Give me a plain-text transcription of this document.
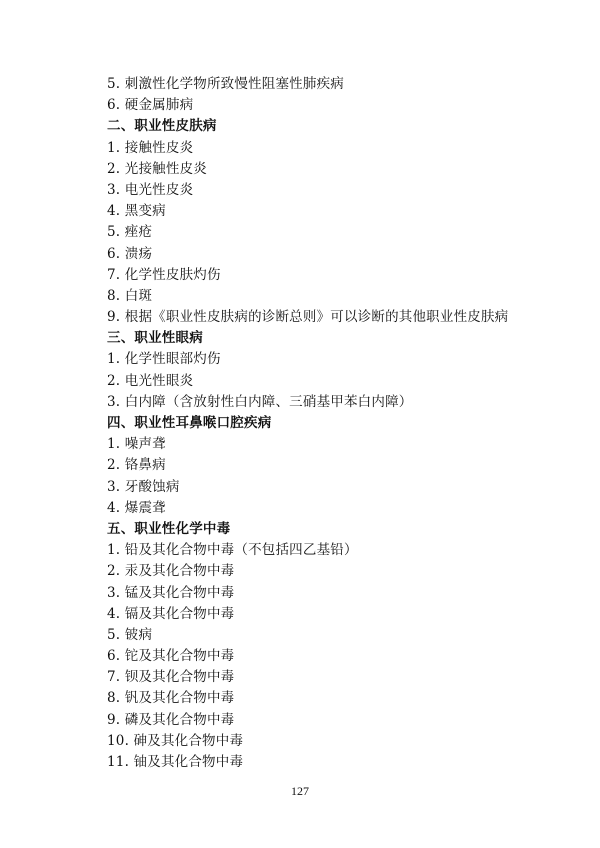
5. 刺激性化学物所致慢性阻塞性肺疾病
6. 硬金属肺病
二、职业性皮肤病
1. 接触性皮炎
2. 光接触性皮炎
3. 电光性皮炎
4. 黑变病
5. 痤疮
6. 溃疡
7. 化学性皮肤灼伤
8. 白斑
9. 根据《职业性皮肤病的诊断总则》可以诊断的其他职业性皮肤病
三、职业性眼病
1. 化学性眼部灼伤
2. 电光性眼炎
3. 白内障（含放射性白内障、三硝基甲苯白内障）
四、职业性耳鼻喉口腔疾病
1. 噪声聋
2. 铬鼻病
3. 牙酸蚀病
4. 爆震聋
五、职业性化学中毒
1. 铅及其化合物中毒（不包括四乙基铅）
2. 汞及其化合物中毒
3. 锰及其化合物中毒
4. 镉及其化合物中毒
5. 铍病
6. 铊及其化合物中毒
7. 钡及其化合物中毒
8. 钒及其化合物中毒
9. 磷及其化合物中毒
10. 砷及其化合物中毒
11. 铀及其化合物中毒
127
